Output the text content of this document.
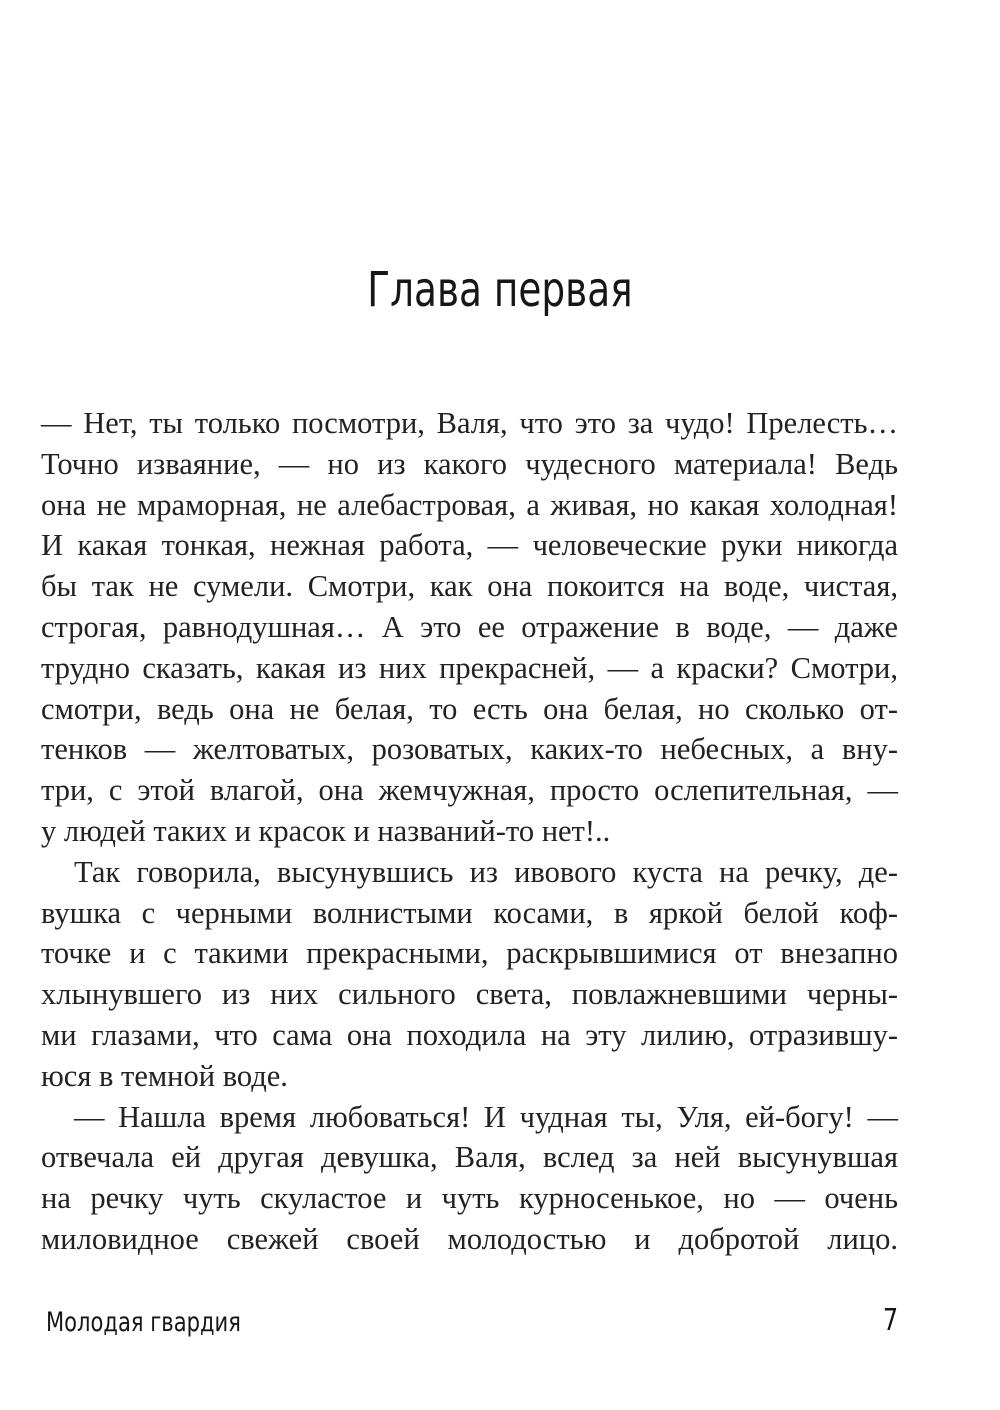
Глава первая
— Нет, ты только посмотри, Валя, что это за чудо! Прелесть…
Точно изваяние, — но из какого чудесного материала! Ведь
она не мраморная, не алебастровая, а живая, но какая холодная!
И какая тонкая, нежная работа, — человеческие руки никогда
бы так не сумели. Смотри, как она покоится на воде, чистая,
строгая, равнодушная… А это ее отражение в воде, — даже
трудно сказать, какая из них прекрасней, — а краски? Смотри,
смотри, ведь она не белая, то есть она белая, но сколько от-
тенков — желтоватых, розоватых, каких-то небесных, а вну-
три, с этой влагой, она жемчужная, просто ослепительная, —
у людей таких и красок и названий-то нет!..
Так говорила, высунувшись из ивового куста на речку, де-
вушка с черными волнистыми косами, в яркой белой коф-
точке и с такими прекрасными, раскрывшимися от внезапно
хлынувшего из них сильного света, повлажневшими черны-
ми глазами, что сама она походила на эту лилию, отразившу-
юся в темной воде.
— Нашла время любоваться! И чудная ты, Уля, ей-богу! —
отвечала ей другая девушка, Валя, вслед за ней высунувшая
на речку чуть скуластое и чуть курносенькое, но — очень
миловидное свежей своей молодостью и добротой лицо.
Молодая гвардия	7
